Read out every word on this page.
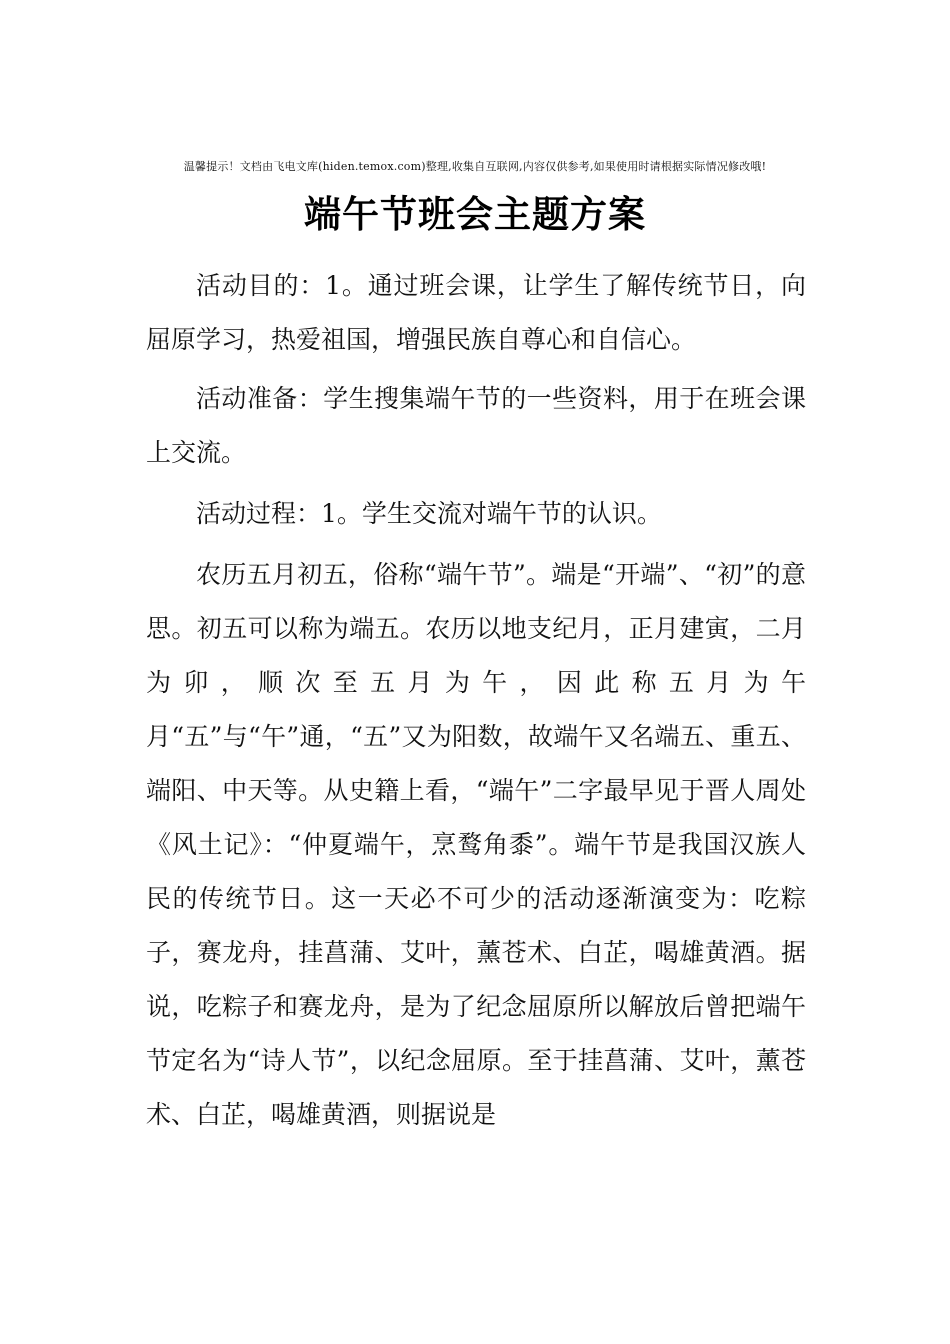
温馨提示！文档由飞电文库(hiden.temox.com)整理,收集自互联网,内容仅供参考,如果使用时请根据实际情况修改哦!
端午节班会主题方案
活动目的：1。通过班会课，让学生了解传统节日，向屈原学习，热爱祖国，增强民族自尊心和自信心。
活动准备：学生搜集端午节的一些资料，用于在班会课上交流。
活动过程：1。学生交流对端午节的认识。
农历五月初五，俗称“端午节”。端是“开端”、“初”的意思。初五可以称为端五。农历以地支纪月，正月建寅，二月为卯，顺次至五月为午，因此称五月为午月“五”与“午”通，“五”又为阳数，故端午又名端五、重五、端阳、中天等。从史籍上看，“端午”二字最早见于晋人周处《风土记》：“仲夏端午，烹鹜角黍”。端午节是我国汉族人民的传统节日。这一天必不可少的活动逐渐演变为：吃粽子，赛龙舟，挂菖蒲、艾叶，薰苍术、白芷，喝雄黄酒。据说，吃粽子和赛龙舟，是为了纪念屈原所以解放后曾把端午节定名为“诗人节”，以纪念屈原。至于挂菖蒲、艾叶，薰苍术、白芷，喝雄黄酒，则据说是
